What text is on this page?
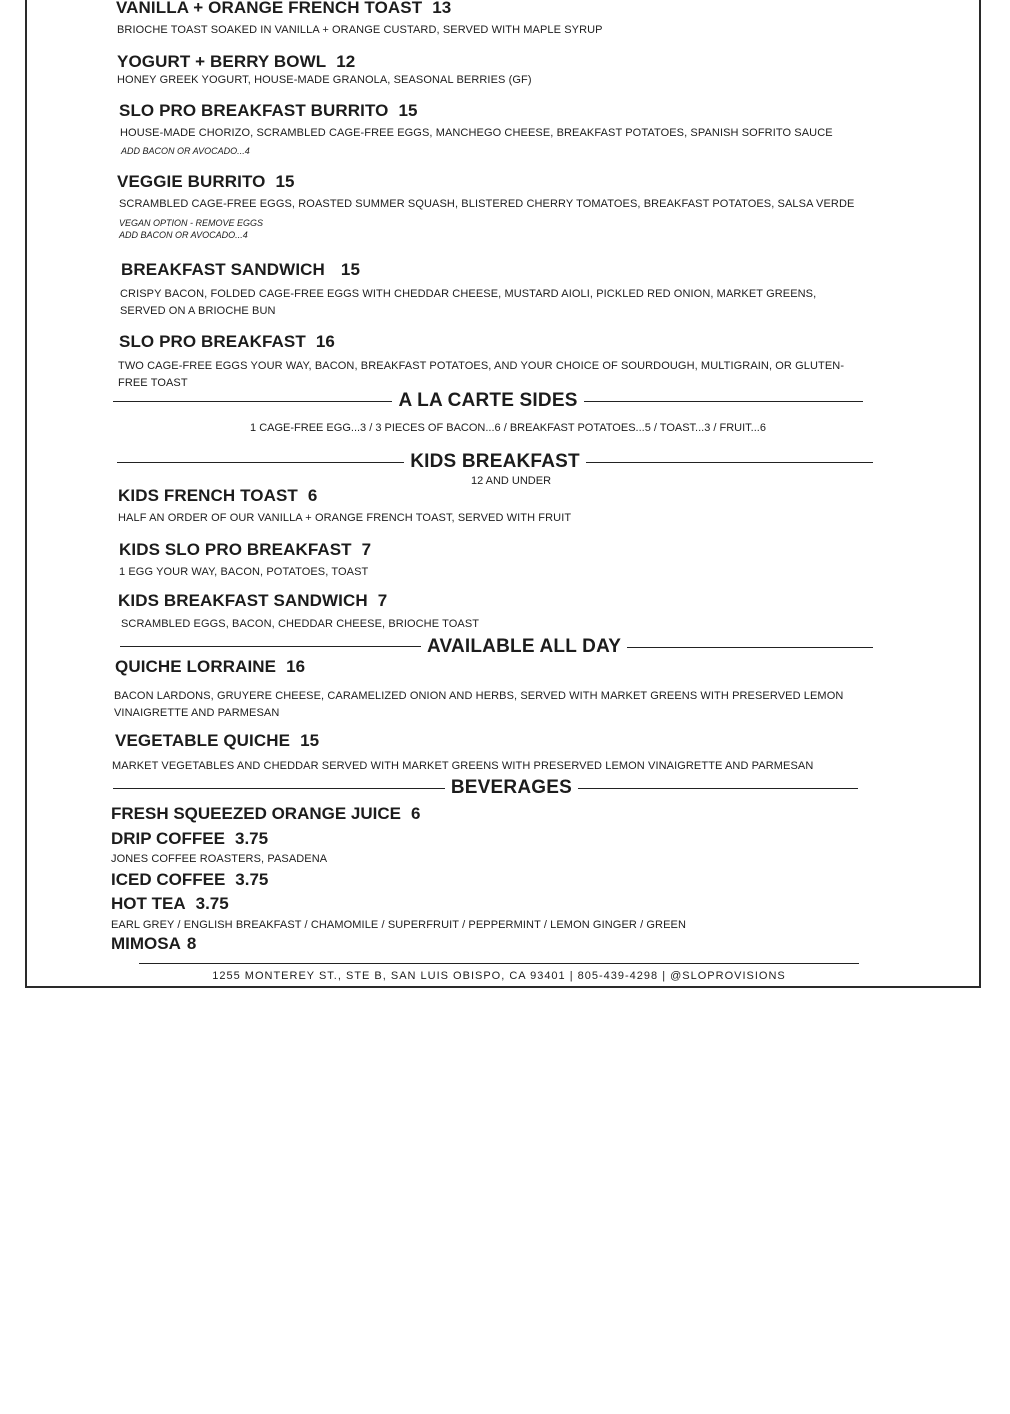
VANILLA + ORANGE FRENCH TOAST 13
BRIOCHE TOAST SOAKED IN VANILLA + ORANGE CUSTARD, SERVED WITH MAPLE SYRUP
YOGURT + BERRY BOWL 12
HONEY GREEK YOGURT, HOUSE-MADE GRANOLA, SEASONAL BERRIES (GF)
SLO PRO BREAKFAST BURRITO 15
HOUSE-MADE CHORIZO, SCRAMBLED CAGE-FREE EGGS, MANCHEGO CHEESE, BREAKFAST POTATOES, SPANISH SOFRITO SAUCE
ADD BACON OR AVOCADO...4
VEGGIE BURRITO 15
SCRAMBLED CAGE-FREE EGGS, ROASTED SUMMER SQUASH, BLISTERED CHERRY TOMATOES, BREAKFAST POTATOES, SALSA VERDE
VEGAN OPTION - REMOVE EGGS
ADD BACON OR AVOCADO...4
BREAKFAST SANDWICH 15
CRISPY BACON, FOLDED CAGE-FREE EGGS WITH CHEDDAR CHEESE, MUSTARD AIOLI, PICKLED RED ONION, MARKET GREENS, SERVED ON A BRIOCHE BUN
SLO PRO BREAKFAST 16
TWO CAGE-FREE EGGS YOUR WAY, BACON, BREAKFAST POTATOES, AND YOUR CHOICE OF SOURDOUGH, MULTIGRAIN, OR GLUTEN-FREE TOAST
A LA CARTE SIDES
1 CAGE-FREE EGG...3 / 3 PIECES OF BACON...6 / BREAKFAST POTATOES...5 / TOAST...3 / FRUIT...6
KIDS BREAKFAST
12 AND UNDER
KIDS FRENCH TOAST 6
HALF AN ORDER OF OUR VANILLA + ORANGE FRENCH TOAST, SERVED WITH FRUIT
KIDS SLO PRO BREAKFAST 7
1 EGG YOUR WAY, BACON, POTATOES, TOAST
KIDS BREAKFAST SANDWICH 7
SCRAMBLED EGGS, BACON, CHEDDAR CHEESE, BRIOCHE TOAST
AVAILABLE ALL DAY
QUICHE LORRAINE 16
BACON LARDONS, GRUYERE CHEESE, CARAMELIZED ONION AND HERBS, SERVED WITH MARKET GREENS WITH PRESERVED LEMON VINAIGRETTE AND PARMESAN
VEGETABLE QUICHE 15
MARKET VEGETABLES AND CHEDDAR SERVED WITH MARKET GREENS WITH PRESERVED LEMON VINAIGRETTE AND PARMESAN
BEVERAGES
FRESH SQUEEZED ORANGE JUICE 6
DRIP COFFEE 3.75
JONES COFFEE ROASTERS, PASADENA
ICED COFFEE 3.75
HOT TEA 3.75
EARL GREY / ENGLISH BREAKFAST / CHAMOMILE / SUPERFRUIT / PEPPERMINT / LEMON GINGER / GREEN
MIMOSA 8
1255 MONTEREY ST., STE B, SAN LUIS OBISPO, CA 93401 | 805-439-4298 | @SLOPROVISIONS
